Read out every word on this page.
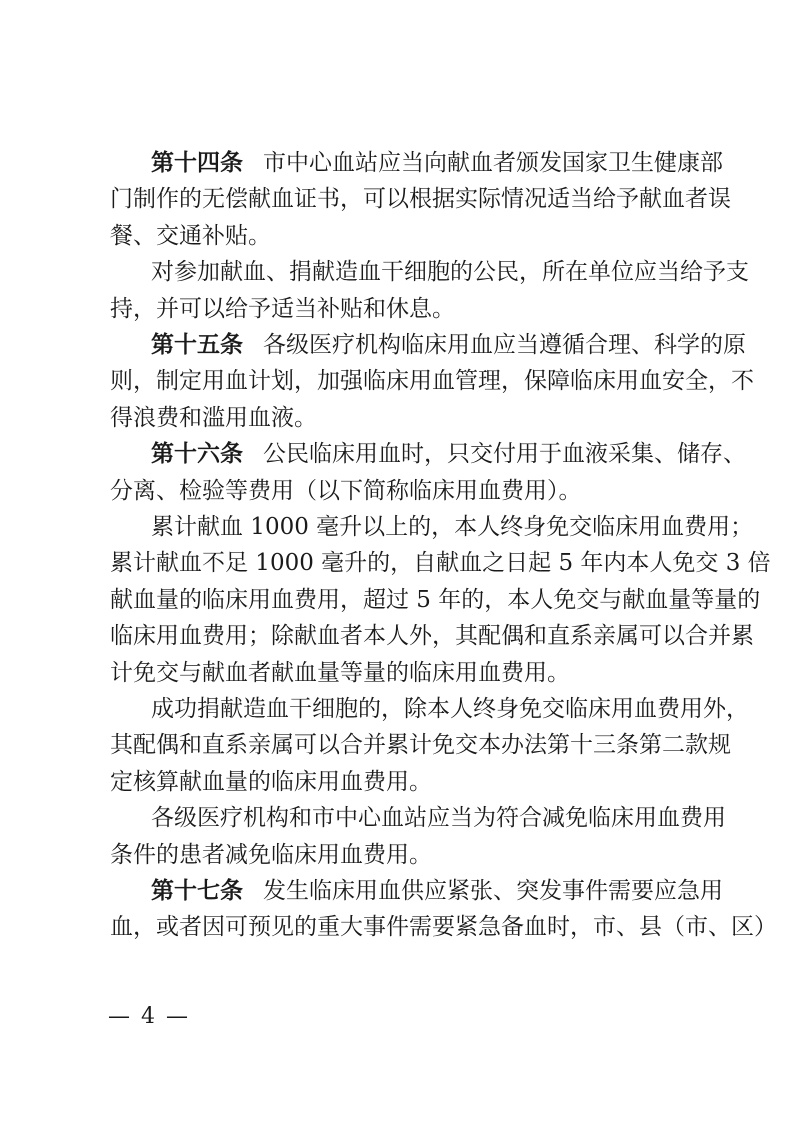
第十四条 市中心血站应当向献血者颁发国家卫生健康部
门制作的无偿献血证书，可以根据实际情况适当给予献血者误
餐、交通补贴。
对参加献血、捐献造血干细胞的公民，所在单位应当给予支
持，并可以给予适当补贴和休息。
第十五条 各级医疗机构临床用血应当遵循合理、科学的原
则，制定用血计划，加强临床用血管理，保障临床用血安全，不
得浪费和滥用血液。
第十六条 公民临床用血时，只交付用于血液采集、储存、
分离、检验等费用（以下简称临床用血费用）。
累计献血 1000 毫升以上的，本人终身免交临床用血费用；
累计献血不足 1000 毫升的，自献血之日起 5 年内本人免交 3 倍
献血量的临床用血费用，超过 5 年的，本人免交与献血量等量的
临床用血费用；除献血者本人外，其配偶和直系亲属可以合并累
计免交与献血者献血量等量的临床用血费用。
成功捐献造血干细胞的，除本人终身免交临床用血费用外，
其配偶和直系亲属可以合并累计免交本办法第十三条第二款规
定核算献血量的临床用血费用。
各级医疗机构和市中心血站应当为符合减免临床用血费用
条件的患者减免临床用血费用。
第十七条 发生临床用血供应紧张、突发事件需要应急用
血，或者因可预见的重大事件需要紧急备血时，市、县（市、区）
— 4 —
